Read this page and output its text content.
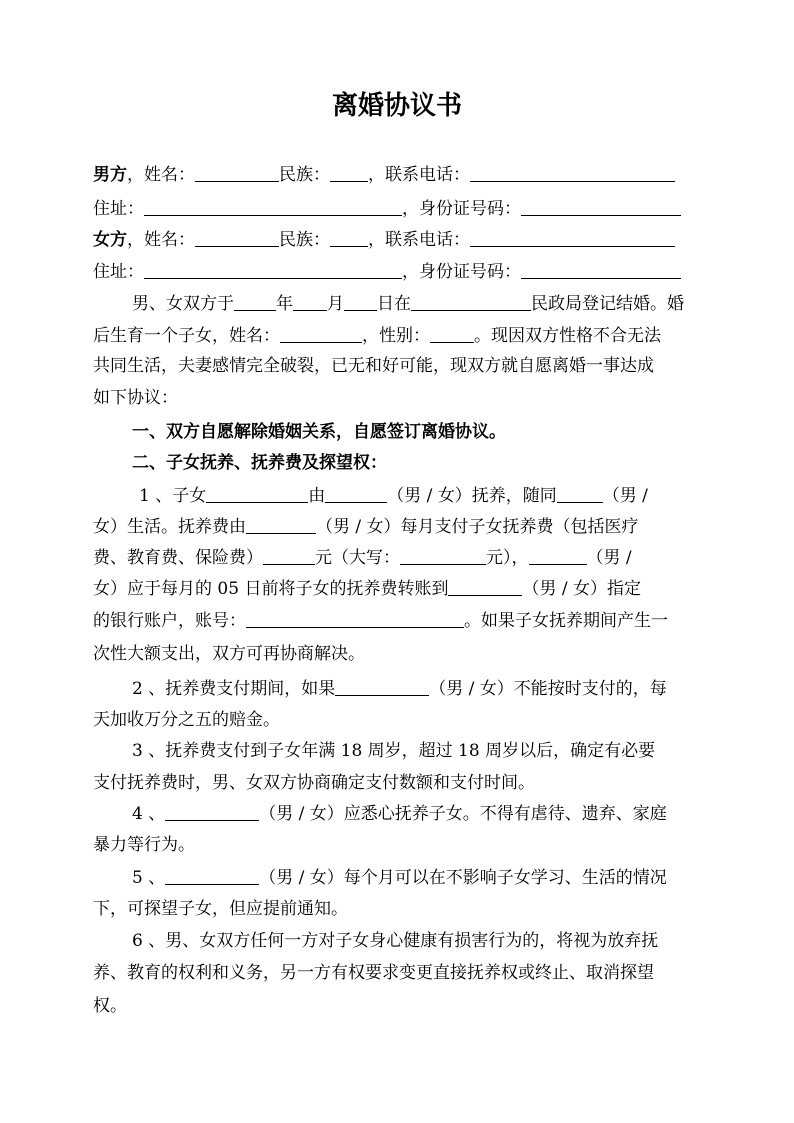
离婚协议书
男方，姓名：	民族： ，联系电话：
住址：	，身份证号码：
女方，姓名：	民族： ，联系电话：
住址：	，身份证号码：
男、女双方于 年 月 日在	民政局登记结婚。婚
后生育一个子女，姓名：	，性别：	。现因双方性格不合无法
共同生活，夫妻感情完全破裂，已无和好可能，现双方就自愿离婚一事达成
如下协议：
一、双方自愿解除婚姻关系，自愿签订离婚协议。
二、子女抚养、抚养费及探望权：
1 、子女	由	（男 / 女）抚养，随同	（男 /
女）生活。抚养费由	（男 / 女）每月支付子女抚养费（包括医疗
费、教育费、保险费）	元（大写：	元），	（男 /
女）应于每月的 05 日前将子女的抚养费转账到	（男 / 女）指定
的银行账户，账号：	。如果子女抚养期间产生一
次性大额支出，双方可再协商解决。
2 、抚养费支付期间，如果	（男 / 女）不能按时支付的，每
天加收万分之五的赔金。
3 、抚养费支付到子女年满 18 周岁，超过 18 周岁以后，确定有必要
支付抚养费时，男、女双方协商确定支付数额和支付时间。
4 、	（男 / 女）应悉心抚养子女。不得有虐待、遗弃、家庭
暴力等行为。
5 、	（男 / 女）每个月可以在不影响子女学习、生活的情况
下，可探望子女，但应提前通知。
6 、男、女双方任何一方对子女身心健康有损害行为的，将视为放弃抚
养、教育的权利和义务，另一方有权要求变更直接抚养权或终止、取消探望
权。
